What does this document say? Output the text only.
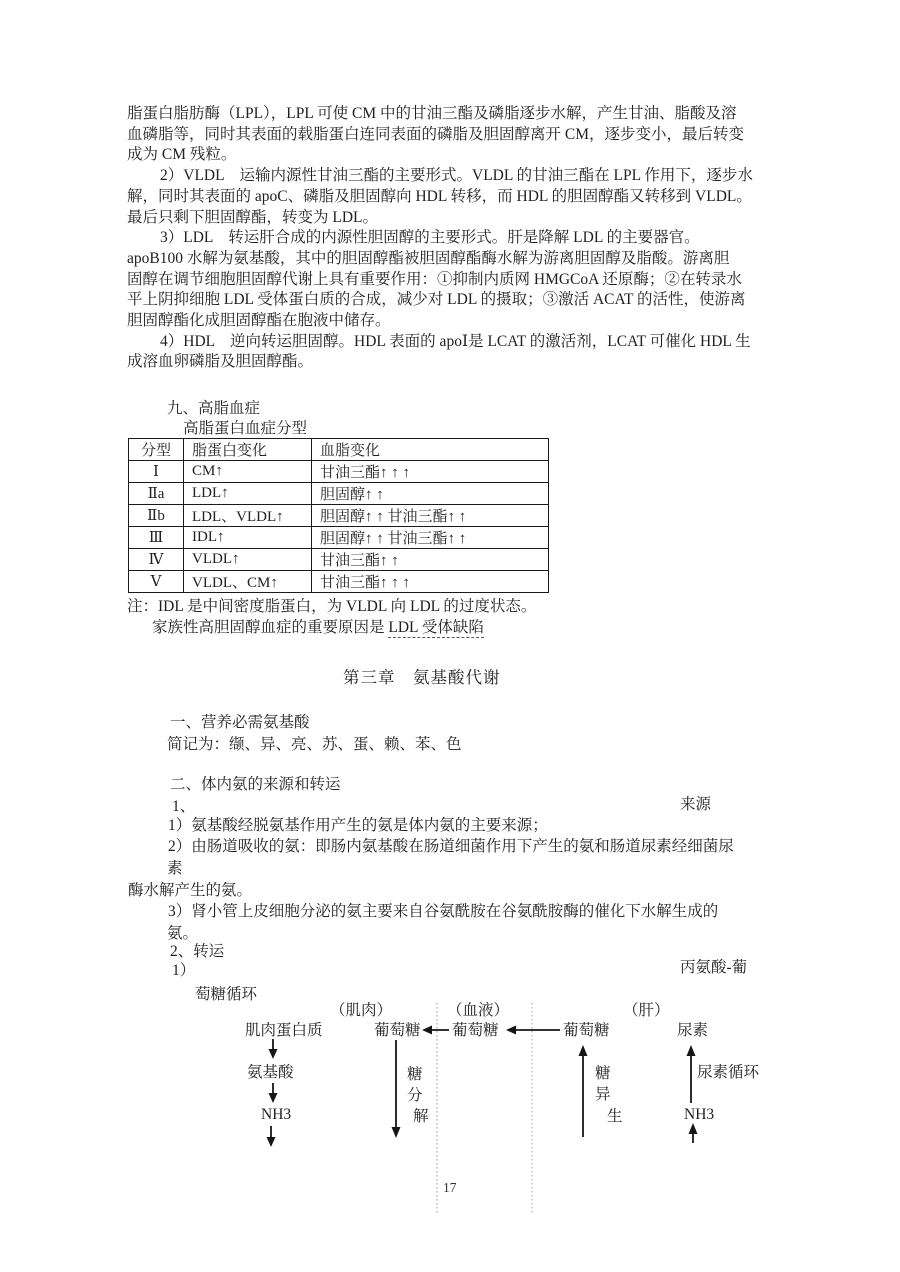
脂蛋白脂肪酶（LPL），LPL 可使 CM 中的甘油三酯及磷脂逐步水解，产生甘油、脂酸及溶
血磷脂等，同时其表面的载脂蛋白连同表面的磷脂及胆固醇离开 CM，逐步变小，最后转变
成为 CM 残粒。
2）VLDL　运输内源性甘油三酯的主要形式。VLDL 的甘油三酯在 LPL 作用下，逐步水
解，同时其表面的 apoC、磷脂及胆固醇向 HDL 转移，而 HDL 的胆固醇酯又转移到 VLDL。
最后只剩下胆固醇酯，转变为 LDL。
3）LDL　转运肝合成的内源性胆固醇的主要形式。肝是降解 LDL 的主要器官。
apoB100 水解为氨基酸，其中的胆固醇酯被胆固醇酯酶水解为游离胆固醇及脂酸。游离胆
固醇在调节细胞胆固醇代谢上具有重要作用：①抑制内质网 HMGCoA 还原酶；②在转录水
平上阴抑细胞 LDL 受体蛋白质的合成，减少对 LDL 的摄取；③激活 ACAT 的活性，使游离
胆固醇酯化成胆固醇酯在胞液中储存。
4）HDL　逆向转运胆固醇。HDL 表面的 apoⅠ是 LCAT 的激活剂，LCAT 可催化 HDL 生
成溶血卵磷脂及胆固醇酯。
九、高脂血症
高脂蛋白血症分型
分型	脂蛋白变化	血脂变化
Ⅰ	CM↑	甘油三酯↑ ↑ ↑
Ⅱa	LDL↑	胆固醇↑ ↑
Ⅱb	LDL、VLDL↑	胆固醇↑ ↑ 甘油三酯↑ ↑
Ⅲ	IDL↑	胆固醇↑ ↑ 甘油三酯↑ ↑
Ⅳ	VLDL↑	甘油三酯↑ ↑
Ⅴ	VLDL、CM↑	甘油三酯↑ ↑ ↑
注：IDL 是中间密度脂蛋白，为 VLDL 向 LDL 的过度状态。
家族性高胆固醇血症的重要原因是 LDL 受体缺陷
第三章　氨基酸代谢
一、营养必需氨基酸
简记为：缬、异、亮、苏、蛋、赖、苯、色
二、体内氨的来源和转运
1、	来源
1）氨基酸经脱氨基作用产生的氨是体内氨的主要来源；
2）由肠道吸收的氨：即肠内氨基酸在肠道细菌作用下产生的氨和肠道尿素经细菌尿
素
酶水解产生的氨。
3）肾小管上皮细胞分泌的氨主要来自谷氨酰胺在谷氨酰胺酶的催化下水解生成的
氨。
2、转运
1）	丙氨酸-葡
萄糖循环
（肌肉）	（血液）	（肝）
肌肉蛋白质	葡萄糖 葡萄糖	葡萄糖	尿素
氨基酸
NH3
糖
分
解
糖
异
生
尿素循环
NH3
17
